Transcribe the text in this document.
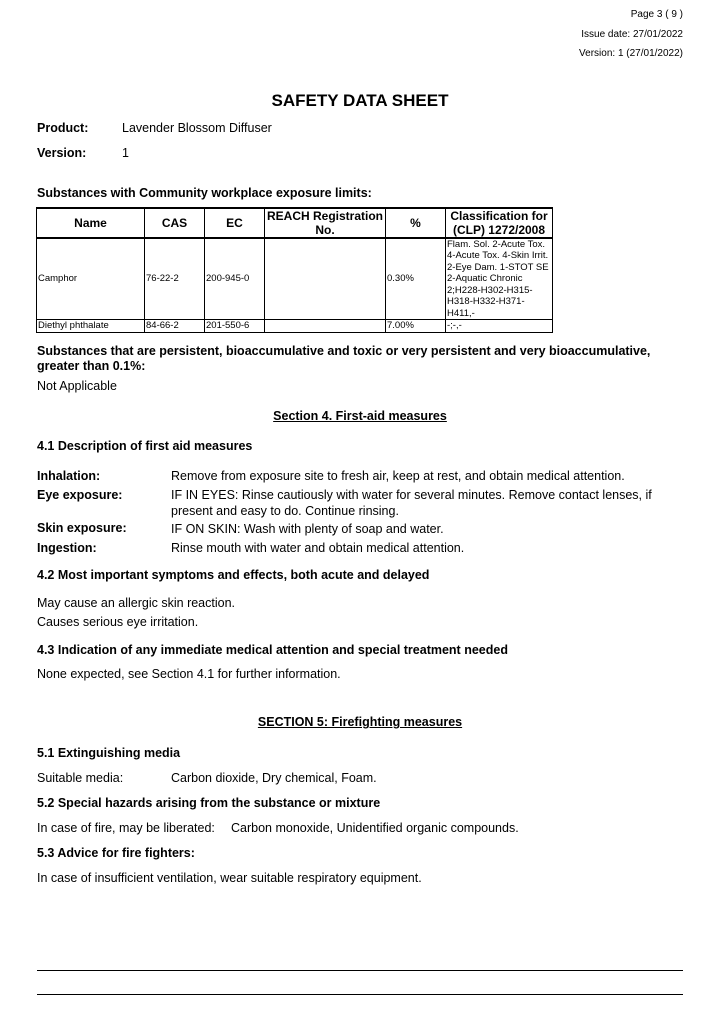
Page 3 ( 9 )
Issue date: 27/01/2022
Version: 1 (27/01/2022)
SAFETY DATA SHEET
Product:	Lavender Blossom Diffuser
Version:	1
Substances with Community workplace exposure limits:
Name	CAS	EC	REACH Registration No.	%	Classification for (CLP) 1272/2008
Camphor	76-22-2	200-945-0		0.30%	Flam. Sol. 2-Acute Tox. 4-Acute Tox. 4-Skin Irrit. 2-Eye Dam. 1-STOT SE 2-Aquatic Chronic 2;H228-H302-H315-H318-H332-H371-H411,-
Diethyl phthalate	84-66-2	201-550-6		7.00%	-;-,-
Substances that are persistent, bioaccumulative and toxic or very persistent and very bioaccumulative, greater than 0.1%:
Not Applicable
Section 4. First-aid measures
4.1 Description of first aid measures
Inhalation:	Remove from exposure site to fresh air, keep at rest, and obtain medical attention.
Eye exposure:	IF IN EYES: Rinse cautiously with water for several minutes. Remove contact lenses, if present and easy to do. Continue rinsing.
Skin exposure:	IF ON SKIN: Wash with plenty of soap and water.
Ingestion:	Rinse mouth with water and obtain medical attention.
4.2 Most important symptoms and effects, both acute and delayed
May cause an allergic skin reaction.
Causes serious eye irritation.
4.3 Indication of any immediate medical attention and special treatment needed
None expected, see Section 4.1 for further information.
SECTION 5: Firefighting measures
5.1 Extinguishing media
Suitable media:	Carbon dioxide, Dry chemical, Foam.
5.2 Special hazards arising from the substance or mixture
In case of fire, may be liberated: Carbon monoxide, Unidentified organic compounds.
5.3 Advice for fire fighters:
In case of insufficient ventilation, wear suitable respiratory equipment.
